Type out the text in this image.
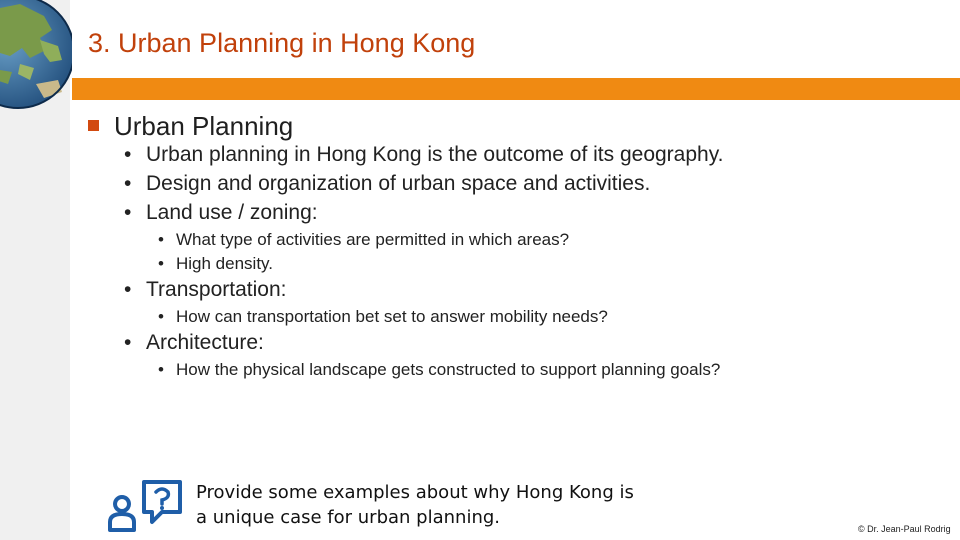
3. Urban Planning in Hong Kong
Urban Planning
• Urban planning in Hong Kong is the outcome of its geography.
• Design and organization of urban space and activities.
• Land use / zoning:
• What type of activities are permitted in which areas?
• High density.
• Transportation:
• How can transportation bet set to answer mobility needs?
• Architecture:
• How the physical landscape gets constructed to support planning goals?
Provide some examples about why Hong Kong is a unique case for urban planning.
© Dr. Jean-Paul Rodrig
